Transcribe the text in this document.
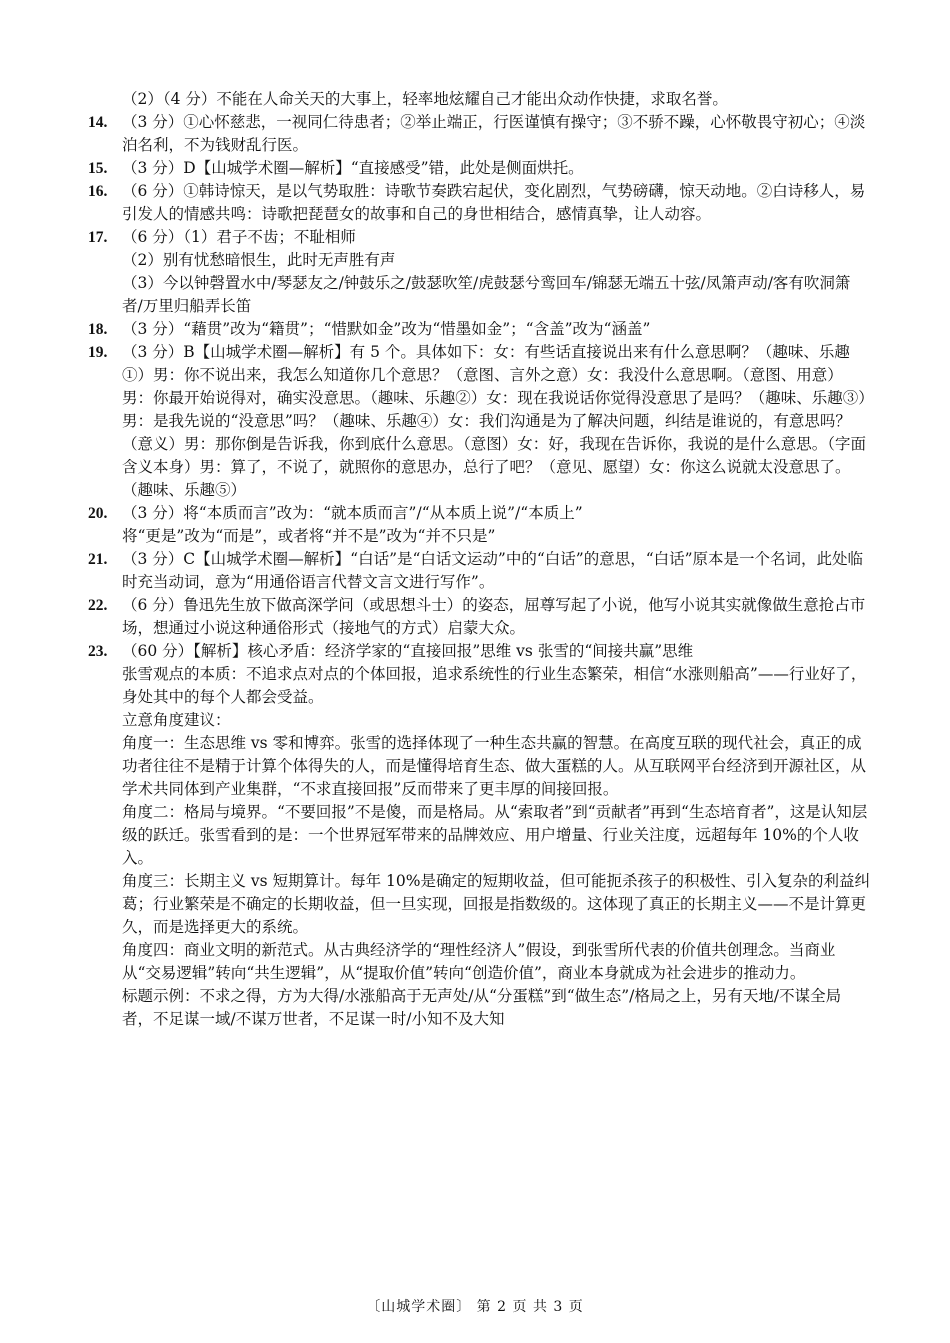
（2）（4 分）不能在人命关天的大事上，轻率地炫耀自己才能出众动作快捷，求取名誉。
14. （3 分）①心怀慈悲，一视同仁待患者；②举止端正，行医谨慎有操守；③不骄不躁，心怀敬畏守初心；④淡泊名利，不为钱财乱行医。
15. （3 分）D【山城学术圈—解析】“直接感受”错，此处是侧面烘托。
16. （6 分）①韩诗惊天，是以气势取胜：诗歌节奏跌宕起伏，变化剧烈，气势磅礴，惊天动地。②白诗移人，易引发人的情感共鸣：诗歌把琵琶女的故事和自己的身世相结合，感情真挚，让人动容。
17. （6 分）（1）君子不齿；不耻相师
（2）别有忧愁暗恨生，此时无声胜有声
（3）今以钟磬置水中/琴瑟友之/钟鼓乐之/鼓瑟吹笙/虎鼓瑟兮鸾回车/锦瑟无端五十弦/凤箫声动/客有吹洞箫者/万里归船弄长笛
18. （3 分）“藉贯”改为“籍贯”；“惜默如金”改为“惜墨如金”；“含盖”改为“涵盖”
19. （3 分）B【山城学术圈—解析】有 5 个。具体如下：女：有些话直接说出来有什么意思啊？（趣味、乐趣①）男：你不说出来，我怎么知道你几个意思？（意图、言外之意）女：我没什么意思啊。（意图、用意）男：你最开始说得对，确实没意思。（趣味、乐趣②）女：现在我说话你觉得没意思了是吗？（趣味、乐趣③）男：是我先说的“没意思”吗？（趣味、乐趣④）女：我们沟通是为了解决问题，纠结是谁说的，有意思吗？（意义）男：那你倒是告诉我，你到底什么意思。（意图）女：好，我现在告诉你，我说的是什么意思。（字面含义本身）男：算了，不说了，就照你的意思办，总行了吧？（意见、愿望）女：你这么说就太没意思了。（趣味、乐趣⑤）
20. （3 分）将“本质而言”改为：“就本质而言”/“从本质上说”/“本质上”
将“更是”改为“而是”，或者将“并不是”改为“并不只是”
21. （3 分）C【山城学术圈—解析】“白话”是“白话文运动”中的“白话”的意思，“白话”原本是一个名词，此处临时充当动词，意为“用通俗语言代替文言文进行写作”。
22. （6 分）鲁迅先生放下做高深学问（或思想斗士）的姿态，屈尊写起了小说，他写小说其实就像做生意抢占市场，想通过小说这种通俗形式（接地气的方式）启蒙大众。
23. （60 分）【解析】核心矛盾：经济学家的“直接回报”思维 vs 张雪的“间接共赢”思维
张雪观点的本质：不追求点对点的个体回报，追求系统性的行业生态繁荣，相信“水涨则船高”——行业好了，身处其中的每个人都会受益。
立意角度建议：
角度一：生态思维 vs 零和博弈。张雪的选择体现了一种生态共赢的智慧。在高度互联的现代社会，真正的成功者往往不是精于计算个体得失的人，而是懂得培育生态、做大蛋糕的人。从互联网平台经济到开源社区，从学术共同体到产业集群，“不求直接回报”反而带来了更丰厚的间接回报。
角度二：格局与境界。“不要回报”不是傻，而是格局。从“索取者”到“贡献者”再到“生态培育者”，这是认知层级的跃迁。张雪看到的是：一个世界冠军带来的品牌效应、用户增量、行业关注度，远超每年 10%的个人收入。
角度三：长期主义 vs 短期算计。每年 10%是确定的短期收益，但可能扼杀孩子的积极性、引入复杂的利益纠葛；行业繁荣是不确定的长期收益，但一旦实现，回报是指数级的。这体现了真正的长期主义——不是计算更久，而是选择更大的系统。
角度四：商业文明的新范式。从古典经济学的“理性经济人”假设，到张雪所代表的价值共创理念。当商业从“交易逻辑”转向“共生逻辑”，从“提取价值”转向“创造价值”，商业本身就成为社会进步的推动力。
标题示例：不求之得，方为大得/水涨船高于无声处/从“分蛋糕”到“做生态”/格局之上，另有天地/不谋全局者，不足谋一域/不谋万世者，不足谋一时/小知不及大知
〔山城学术圈〕 第 2 页 共 3 页
